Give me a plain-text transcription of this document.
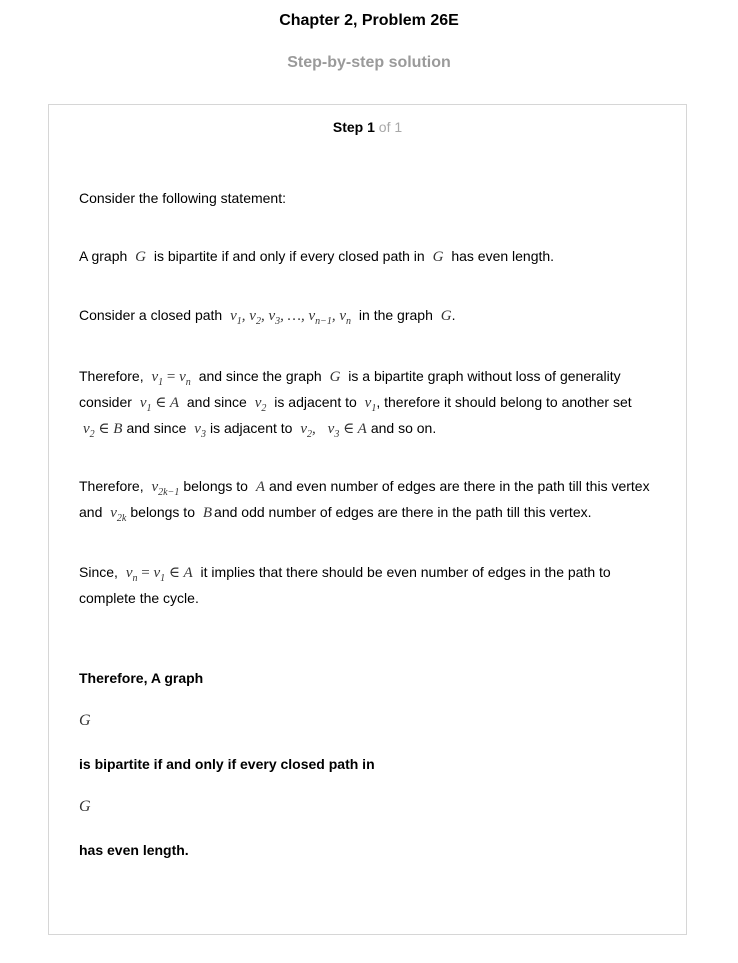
Chapter 2, Problem 26E
Step-by-step solution
Step 1 of 1
Consider the following statement:
A graph G is bipartite if and only if every closed path in G has even length.
Consider a closed path $v_1$, $v_2$, $v_3$, …, $v_{n-1}$, $v_n$ in the graph G.
Therefore, $v_1 = v_n$ and since the graph G is a bipartite graph without loss of generality consider $v_1$ ∈ A and since $v_2$ is adjacent to $v_1$, therefore it should belong to another set $v_2$ ∈ B and since $v_3$ is adjacent to $v_2$, $v_3$ ∈ A and so on.
Therefore, $v_{2k-1}$ belongs to A and even number of edges are there in the path till this vertex and $v_{2k}$ belongs to B and odd number of edges are there in the path till this vertex.
Since, $v_n = v_1$ ∈ A it implies that there should be even number of edges in the path to complete the cycle.
Therefore, A graph
G
is bipartite if and only if every closed path in
G
has even length.
